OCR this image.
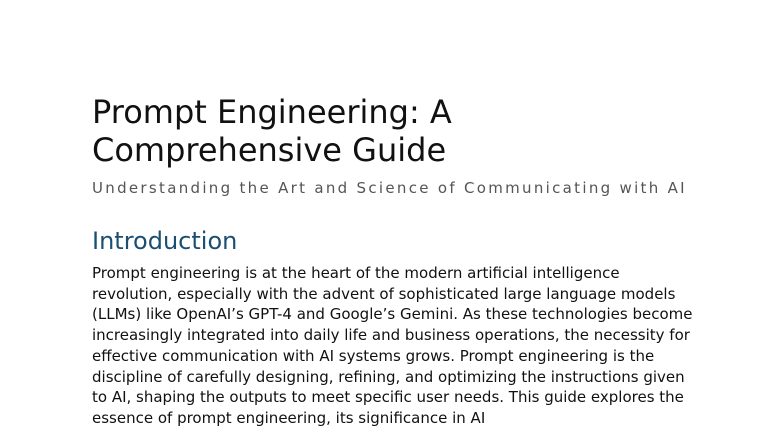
Prompt Engineering: A Comprehensive Guide

Understanding the Art and Science of Communicating with AI

Introduction

Prompt engineering is at the heart of the modern artificial intelligence revolution, especially with the advent of sophisticated large language models (LLMs) like OpenAI’s GPT-4 and Google’s Gemini. As these technologies become increasingly integrated into daily life and business operations, the necessity for effective communication with AI systems grows. Prompt engineering is the discipline of carefully designing, refining, and optimizing the instructions given to AI, shaping the outputs to meet specific user needs. This guide explores the essence of prompt engineering, its significance in AI
